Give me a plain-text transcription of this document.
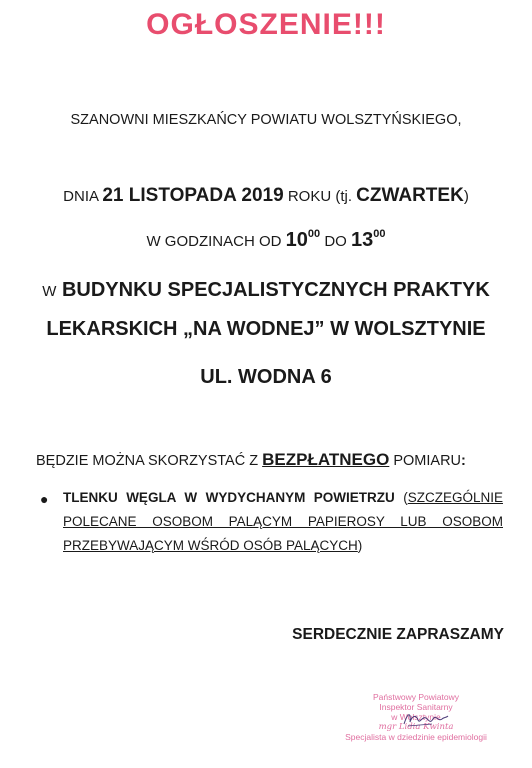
OGŁOSZENIE!!!
SZANOWNI MIESZKAŃCY POWIATU WOLSZTYŃSKIEGO,
DNIA 21 LISTOPADA 2019 ROKU (tj. CZWARTEK)
W GODZINACH OD $10^{00}$ DO $13^{00}$
W BUDYNKU SPECJALISTYCZNYCH PRAKTYK
LEKARSKICH „NA WODNEJ” W WOLSZTYNIE
UL. WODNA 6
BĘDZIE MOŻNA SKORZYSTAĆ Z BEZPŁATNEGO POMIARU:
● TLENKU WĘGLA W WYDYCHANYM POWIETRZU (SZCZEGÓLNIE POLECANE OSOBOM PALĄCYM PAPIEROSY LUB OSOBOM PRZEBYWAJĄCYM WŚRÓD OSÓB PALĄCYCH)
SERDECZNIE ZAPRASZAMY
Państwowy Powiatowy
Inspektor Sanitarny
w Wolsztynie
mgr Lidia Kwinta
Specjalista w dziedzinie epidemiologii
